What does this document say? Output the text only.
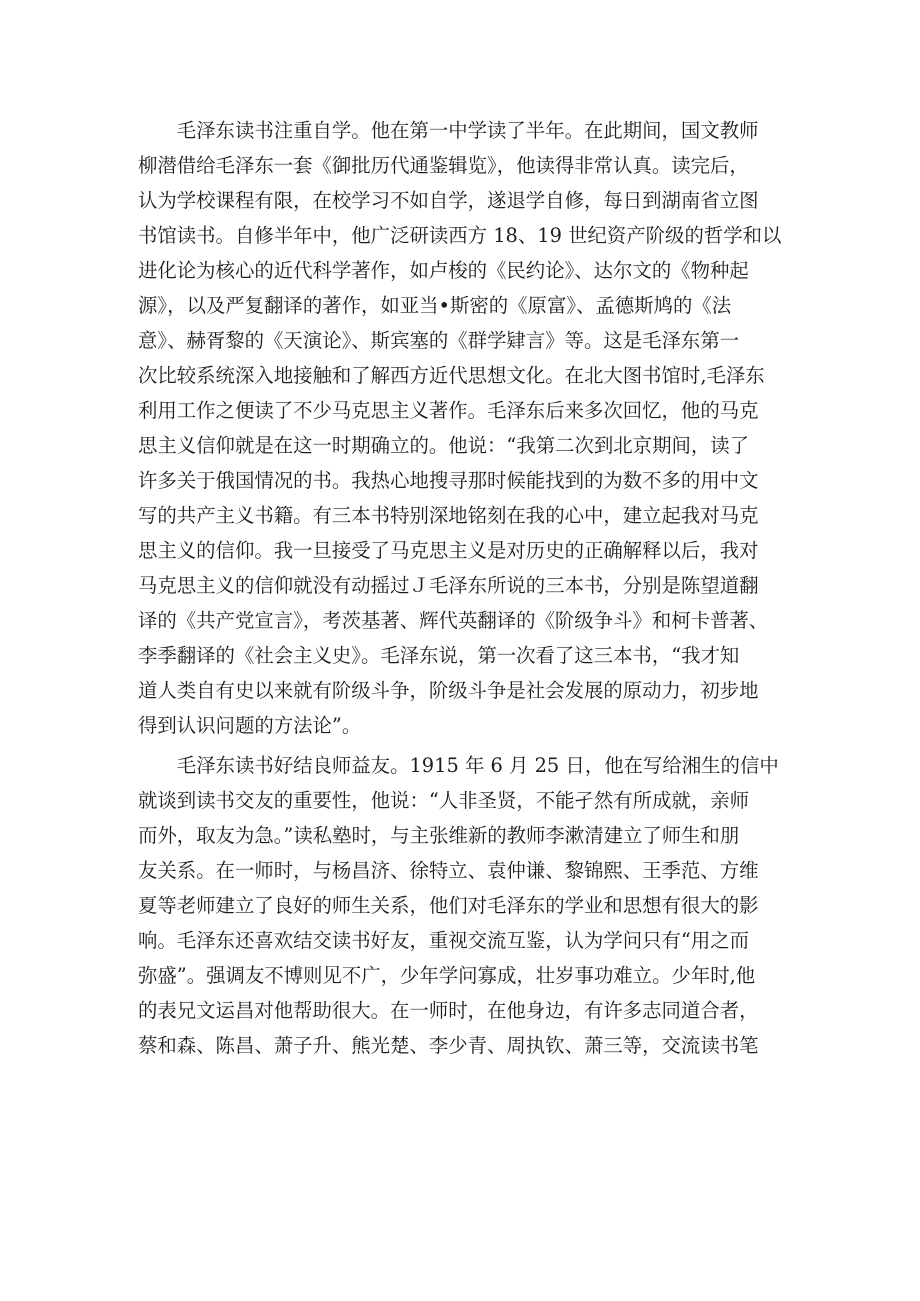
　　毛泽东读书注重自学。他在第一中学读了半年。在此期间，国文教师
柳潜借给毛泽东一套《御批历代通鉴辑览》，他读得非常认真。读完后，
认为学校课程有限，在校学习不如自学，遂退学自修，每日到湖南省立图
书馆读书。自修半年中，他广泛研读西方 18、19 世纪资产阶级的哲学和以
进化论为核心的近代科学著作，如卢梭的《民约论》、达尔文的《物种起
源》，以及严复翻译的著作，如亚当•斯密的《原富》、孟德斯鸠的《法
意》、赫胥黎的《天演论》、斯宾塞的《群学肄言》等。这是毛泽东第一
次比较系统深入地接触和了解西方近代思想文化。在北大图书馆时,毛泽东
利用工作之便读了不少马克思主义著作。毛泽东后来多次回忆，他的马克
思主义信仰就是在这一时期确立的。他说：“我第二次到北京期间，读了
许多关于俄国情况的书。我热心地搜寻那时候能找到的为数不多的用中文
写的共产主义书籍。有三本书特别深地铭刻在我的心中，建立起我对马克
思主义的信仰。我一旦接受了马克思主义是对历史的正确解释以后，我对
马克思主义的信仰就没有动摇过Ｊ毛泽东所说的三本书，分别是陈望道翻
译的《共产党宣言》，考茨基著、辉代英翻译的《阶级争斗》和柯卡普著、
李季翻译的《社会主义史》。毛泽东说，第一次看了这三本书，“我才知
道人类自有史以来就有阶级斗争，阶级斗争是社会发展的原动力，初步地
得到认识问题的方法论”。
　　毛泽东读书好结良师益友。1915 年 6 月 25 日，他在写给湘生的信中
就谈到读书交友的重要性，他说：“人非圣贤，不能孑然有所成就，亲师
而外，取友为急。”读私塾时，与主张维新的教师李漱清建立了师生和朋
友关系。在一师时，与杨昌济、徐特立、袁仲谦、黎锦熙、王季范、方维
夏等老师建立了良好的师生关系，他们对毛泽东的学业和思想有很大的影
响。毛泽东还喜欢结交读书好友，重视交流互鉴，认为学问只有“用之而
弥盛”。强调友不博则见不广，少年学问寡成，壮岁事功难立。少年时,他
的表兄文运昌对他帮助很大。在一师时，在他身边，有许多志同道合者，
蔡和森、陈昌、萧子升、熊光楚、李少青、周执钦、萧三等，交流读书笔
